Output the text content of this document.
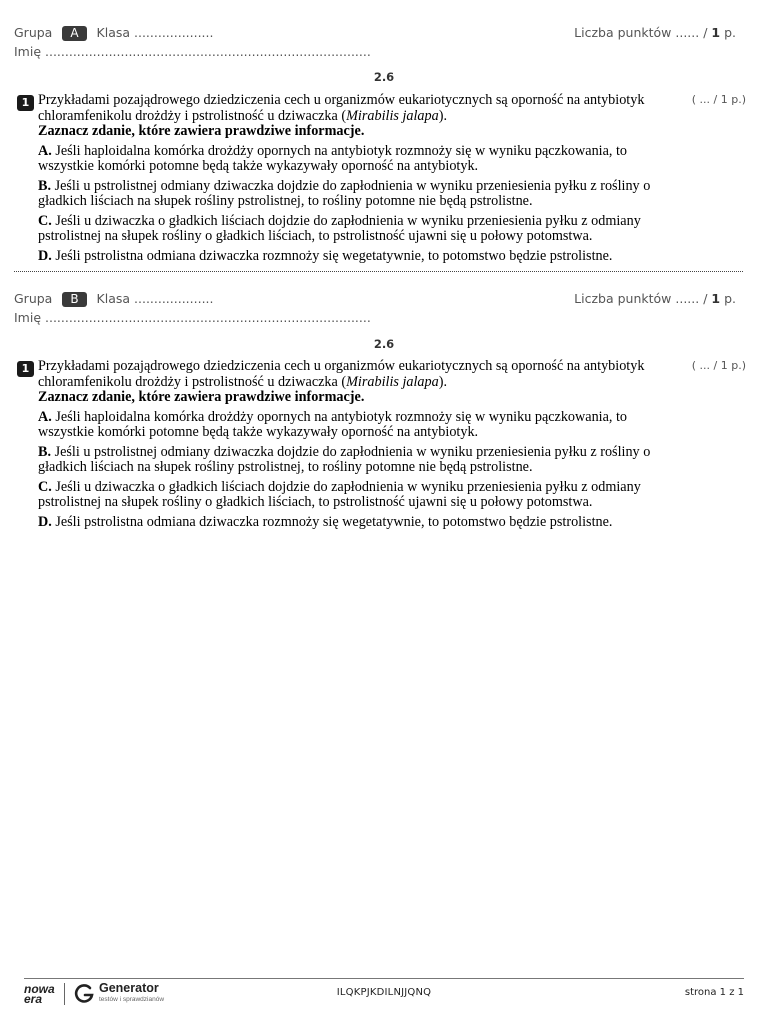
Grupa A Klasa ....................	Liczba punktów ...... / 1 p.
Imię ..................................................................................
2.6
1 Przykładami pozajądrowego dziedziczenia cech u organizmów eukariotycznych są oporność na antybiotyk chloramfenikolu drożdży i pstrolistność u dziwaczka (Mirabilis jalapa).

Zaznacz zdanie, które zawiera prawdziwe informacje.

A. Jeśli haploidalna komórka drożdży opornych na antybiotyk rozmnoży się w wyniku pączkowania, to wszystkie komórki potomne będą także wykazywały oporność na antybiotyk.

B. Jeśli u pstrolistnej odmiany dziwaczka dojdzie do zapłodnienia w wyniku przeniesienia pyłku z rośliny o gładkich liściach na słupek rośliny pstrolistnej, to rośliny potomne nie będą pstrolistne.

C. Jeśli u dziwaczka o gładkich liściach dojdzie do zapłodnienia w wyniku przeniesienia pyłku z odmiany pstrolistnej na słupek rośliny o gładkich liściach, to pstrolistność ujawni się u połowy potomstwa.

D. Jeśli pstrolistna odmiana dziwaczka rozmnoży się wegetatywnie, to potomstwo będzie pstrolistne.

( ... / 1 p.)
Grupa B Klasa ....................	Liczba punktów ...... / 1 p.
Imię ..................................................................................
2.6
1 Przykładami pozajądrowego dziedziczenia cech u organizmów eukariotycznych są oporność na antybiotyk chloramfenikolu drożdży i pstrolistność u dziwaczka (Mirabilis jalapa).

Zaznacz zdanie, które zawiera prawdziwe informacje.

A. Jeśli haploidalna komórka drożdży opornych na antybiotyk rozmnoży się w wyniku pączkowania, to wszystkie komórki potomne będą także wykazywały oporność na antybiotyk.

B. Jeśli u pstrolistnej odmiany dziwaczka dojdzie do zapłodnienia w wyniku przeniesienia pyłku z rośliny o gładkich liściach na słupek rośliny pstrolistnej, to rośliny potomne nie będą pstrolistne.

C. Jeśli u dziwaczka o gładkich liściach dojdzie do zapłodnienia w wyniku przeniesienia pyłku z odmiany pstrolistnej na słupek rośliny o gładkich liściach, to pstrolistność ujawni się u połowy potomstwa.

D. Jeśli pstrolistna odmiana dziwaczka rozmnoży się wegetatywnie, to potomstwo będzie pstrolistne.

( ... / 1 p.)
nowa
era
Generator
testów i sprawdzianów
ILQKPJKDILNJJQNQ	strona 1 z 1
